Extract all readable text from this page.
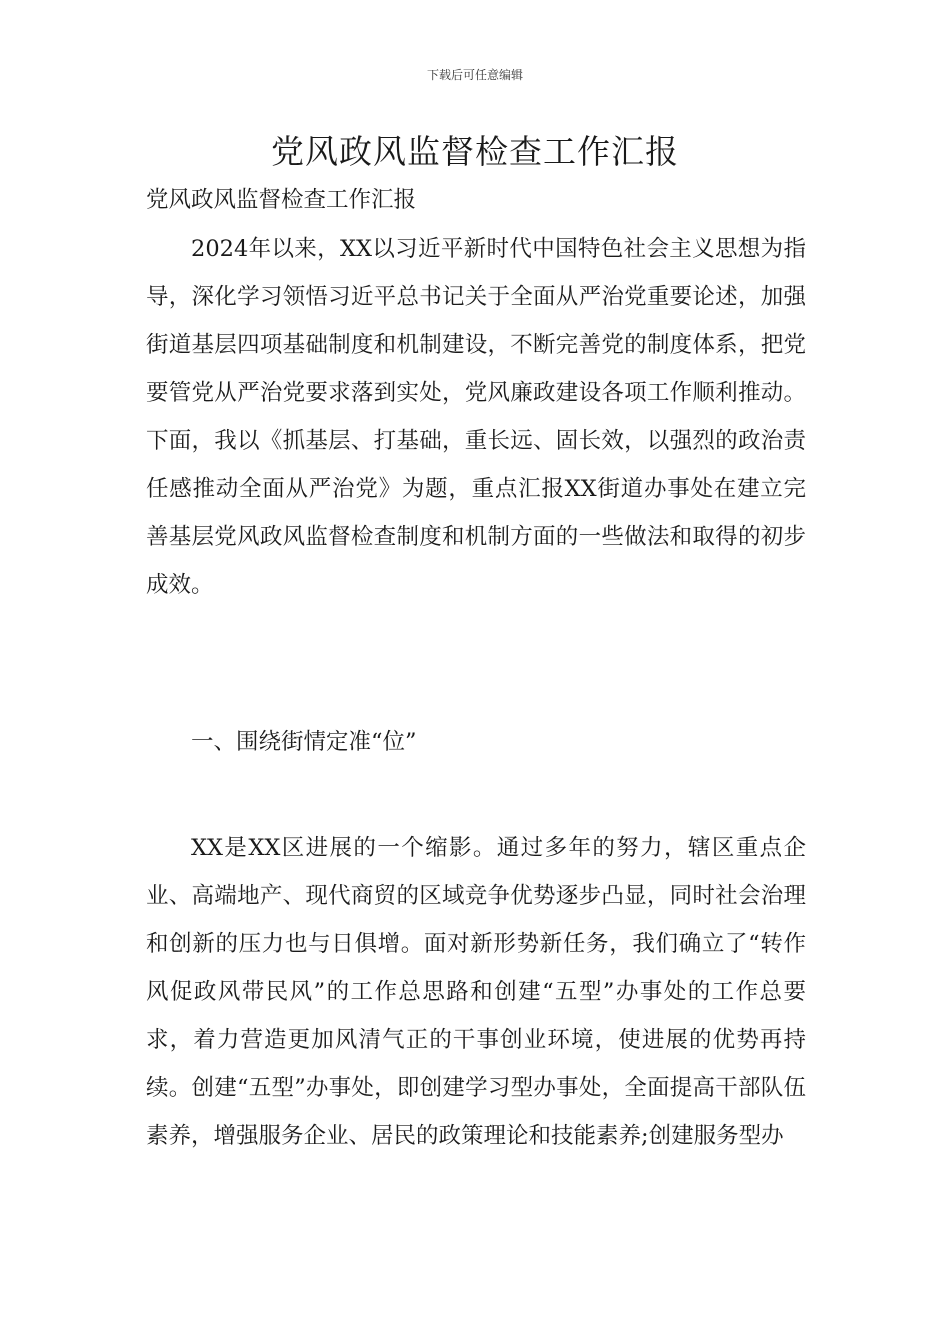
下载后可任意编辑
党风政风监督检查工作汇报

党风政风监督检查工作汇报

2024年以来，XX以习近平新时代中国特色社会主义思想为指导，深化学习领悟习近平总书记关于全面从严治党重要论述，加强街道基层四项基础制度和机制建设，不断完善党的制度体系，把党要管党从严治党要求落到实处，党风廉政建设各项工作顺利推动。下面，我以《抓基层、打基础，重长远、固长效，以强烈的政治责任感推动全面从严治党》为题，重点汇报XX街道办事处在建立完善基层党风政风监督检查制度和机制方面的一些做法和取得的初步成效。

一、围绕街情定准“位”

XX是XX区进展的一个缩影。通过多年的努力，辖区重点企业、高端地产、现代商贸的区域竞争优势逐步凸显，同时社会治理和创新的压力也与日俱增。面对新形势新任务，我们确立了“转作风促政风带民风”的工作总思路和创建“五型”办事处的工作总要求，着力营造更加风清气正的干事创业环境，使进展的优势再持续。创建“五型”办事处，即创建学习型办事处，全面提高干部队伍素养，增强服务企业、居民的政策理论和技能素养;创建服务型办
